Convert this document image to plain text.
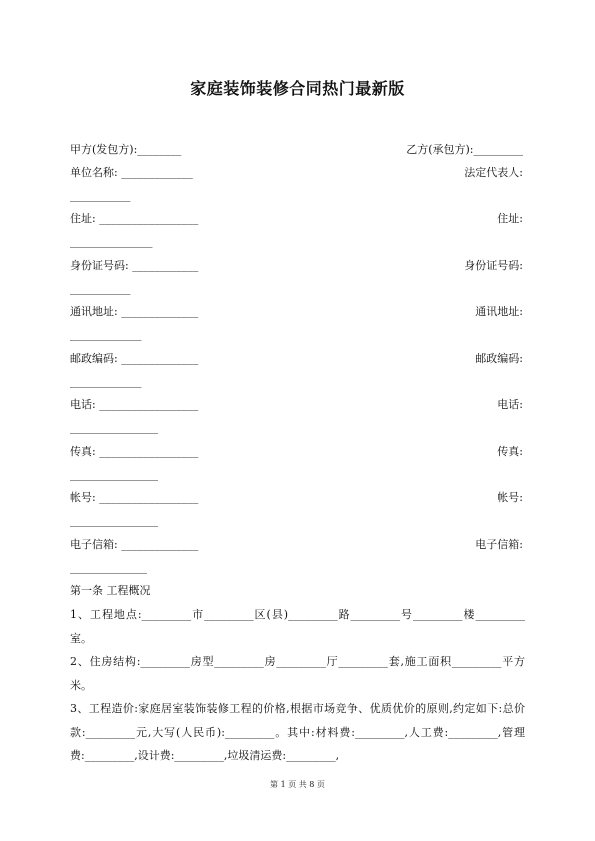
家庭装饰装修合同热门最新版
甲方(发包方):________	乙方(承包方):_________
单位名称: _____________	法定代表人:
___________
住址: __________________	住址:
_______________
身份证号码: ____________	身份证号码:
___________
通讯地址: ______________	通讯地址:
_____________
邮政编码: ______________	邮政编码:
_____________
电话: __________________	电话:
________________
传真: __________________	传真:
________________
帐号: __________________	帐号:
________________
电子信箱: ______________	电子信箱:
______________
第一条 工程概况
1、工程地点:_________市_________区(县)_________路_________号_________楼_________室。
2、住房结构:_________房型_________房_________厅_________套,施工面积_________平方米。
3、工程造价:家庭居室装饰装修工程的价格,根据市场竞争、优质优价的原则,约定如下:总价款:_________元,大写(人民币):_________。其中:材料费:_________,人工费:_________,管理费:_________,设计费:_________,垃圾清运费:_________,
第 1 页 共 8 页
